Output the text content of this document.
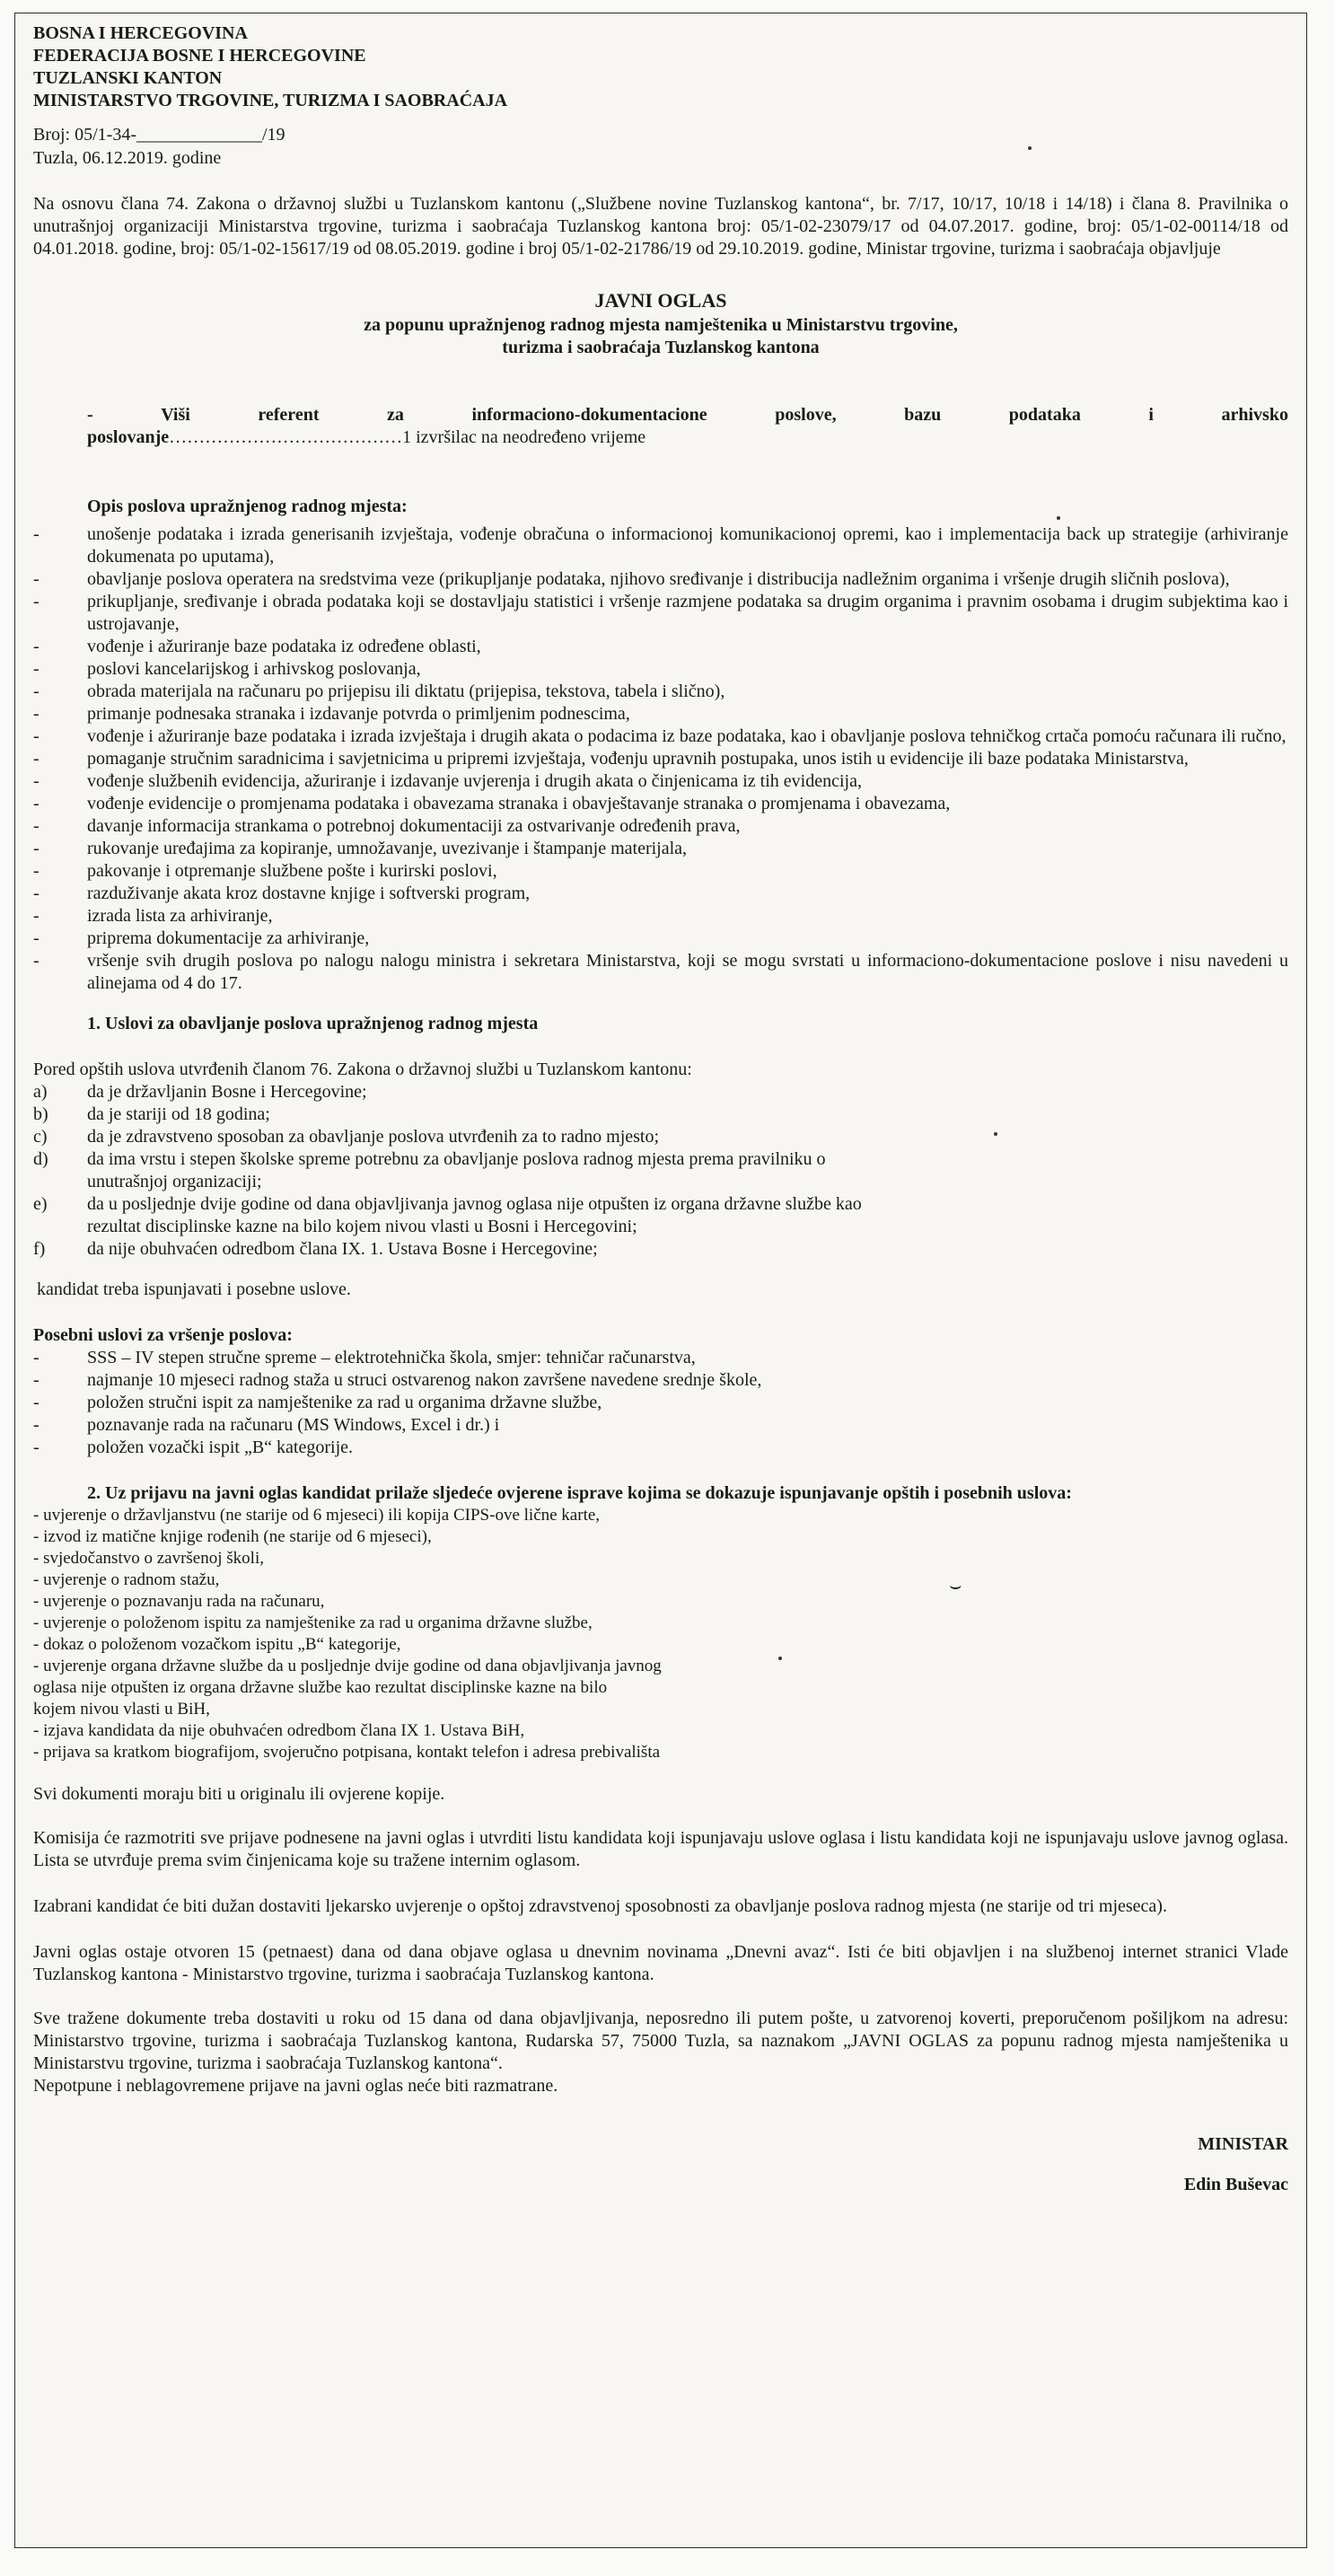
BOSNA I HERCEGOVINA
FEDERACIJA BOSNE I HERCEGOVINE
TUZLANSKI KANTON
MINISTARSTVO TRGOVINE, TURIZMA I SAOBRAĆAJA
Broj: 05/1-34-______________/19
Tuzla, 06.12.2019. godine
Na osnovu člana 74. Zakona o državnoj službi u Tuzlanskom kantonu („Službene novine Tuzlanskog kantona“, br. 7/17, 10/17, 10/18 i 14/18) i člana 8. Pravilnika o unutrašnjoj organizaciji Ministarstva trgovine, turizma i saobraćaja Tuzlanskog kantona broj: 05/1-02-23079/17 od 04.07.2017. godine, broj: 05/1-02-00114/18 od 04.01.2018. godine, broj: 05/1-02-15617/19 od 08.05.2019. godine i broj 05/1-02-21786/19 od 29.10.2019. godine, Ministar trgovine, turizma i saobraćaja objavljuje
JAVNI OGLAS
za popunu upražnjenog radnog mjesta namještenika u Ministarstvu trgovine,
turizma i saobraćaja Tuzlanskog kantona
-	Viši	referent	za	informaciono-dokumentacione	poslove,	bazu	podataka	i	arhivsko
poslovanje…………………………………1 izvršilac na neodređeno vrijeme
Opis poslova upražnjenog radnog mjesta:
- unošenje podataka i izrada generisanih izvještaja, vođenje obračuna o informacionoj komunikacionoj opremi, kao i implementacija back up strategije (arhiviranje dokumenata po uputama),
- obavljanje poslova operatera na sredstvima veze (prikupljanje podataka, njihovo sređivanje i distribucija nadležnim organima i vršenje drugih sličnih poslova),
- prikupljanje, sređivanje i obrada podataka koji se dostavljaju statistici i vršenje razmjene podataka sa drugim organima i pravnim osobama i drugim subjektima kao i ustrojavanje,
- vođenje i ažuriranje baze podataka iz određene oblasti,
- poslovi kancelarijskog i arhivskog poslovanja,
- obrada materijala na računaru po prijepisu ili diktatu (prijepisa, tekstova, tabela i slično),
- primanje podnesaka stranaka i izdavanje potvrda o primljenim podnescima,
- vođenje i ažuriranje baze podataka i izrada izvještaja i drugih akata o podacima iz baze podataka, kao i obavljanje poslova tehničkog crtača pomoću računara ili ručno,
- pomaganje stručnim saradnicima i savjetnicima u pripremi izvještaja, vođenju upravnih postupaka, unos istih u evidencije ili baze podataka Ministarstva,
- vođenje službenih evidencija, ažuriranje i izdavanje uvjerenja i drugih akata o činjenicama iz tih evidencija,
- vođenje evidencije o promjenama podataka i obavezama stranaka i obavještavanje stranaka o promjenama i obavezama,
- davanje informacija strankama o potrebnoj dokumentaciji za ostvarivanje određenih prava,
- rukovanje uređajima za kopiranje, umnožavanje, uvezivanje i štampanje materijala,
- pakovanje i otpremanje službene pošte i kurirski poslovi,
- razduživanje akata kroz dostavne knjige i softverski program,
- izrada lista za arhiviranje,
- priprema dokumentacije za arhiviranje,
- vršenje svih drugih poslova po nalogu nalogu ministra i sekretara Ministarstva, koji se mogu svrstati u informaciono-dokumentacione poslove i nisu navedeni u alinejama od 4 do 17.
1. Uslovi za obavljanje poslova upražnjenog radnog mjesta
Pored opštih uslova utvrđenih članom 76. Zakona o državnoj službi u Tuzlanskom kantonu:
a) da je državljanin Bosne i Hercegovine;
b) da je stariji od 18 godina;
c) da je zdravstveno sposoban za obavljanje poslova utvrđenih za to radno mjesto;
d) da ima vrstu i stepen školske spreme potrebnu za obavljanje poslova radnog mjesta prema pravilniku o unutrašnjoj organizaciji;
e) da u posljednje dvije godine od dana objavljivanja javnog oglasa nije otpušten iz organa državne službe kao rezultat disciplinske kazne na bilo kojem nivou vlasti u Bosni i Hercegovini;
f) da nije obuhvaćen odredbom člana IX. 1. Ustava Bosne i Hercegovine;
kandidat treba ispunjavati i posebne uslove.
Posebni uslovi za vršenje poslova:
- SSS – IV stepen stručne spreme – elektrotehnička škola, smjer: tehničar računarstva,
- najmanje 10 mjeseci radnog staža u struci ostvarenog nakon završene navedene srednje škole,
- položen stručni ispit za namještenike za rad u organima državne službe,
- poznavanje rada na računaru (MS Windows, Excel i dr.) i
- položen vozački ispit „B“ kategorije.
2. Uz prijavu na javni oglas kandidat prilaže sljedeće ovjerene isprave kojima se dokazuje ispunjavanje opštih i posebnih uslova:
- uvjerenje o državljanstvu (ne starije od 6 mjeseci) ili kopija CIPS-ove lične karte,
- izvod iz matične knjige rođenih (ne starije od 6 mjeseci),
- svjedočanstvo o završenoj školi,
- uvjerenje o radnom stažu,
- uvjerenje o poznavanju rada na računaru,
- uvjerenje o položenom ispitu za namještenike za rad u organima državne službe,
- dokaz o položenom vozačkom ispitu „B“ kategorije,
- uvjerenje organa državne službe da u posljednje dvije godine od dana objavljivanja javnog
oglasa nije otpušten iz organa državne službe kao rezultat disciplinske kazne na bilo
kojem nivou vlasti u BiH,
- izjava kandidata da nije obuhvaćen odredbom člana IX 1. Ustava BiH,
- prijava sa kratkom biografijom, svojeručno potpisana, kontakt telefon i adresa prebivališta
Svi dokumenti moraju biti u originalu ili ovjerene kopije.
Komisija će razmotriti sve prijave podnesene na javni oglas i utvrditi listu kandidata koji ispunjavaju uslove oglasa i listu kandidata koji ne ispunjavaju uslove javnog oglasa. Lista se utvrđuje prema svim činjenicama koje su tražene internim oglasom.
Izabrani kandidat će biti dužan dostaviti ljekarsko uvjerenje o opštoj zdravstvenoj sposobnosti za obavljanje poslova radnog mjesta (ne starije od tri mjeseca).
Javni oglas ostaje otvoren 15 (petnaest) dana od dana objave oglasa u dnevnim novinama „Dnevni avaz“. Isti će biti objavljen i na službenoj internet stranici Vlade Tuzlanskog kantona - Ministarstvo trgovine, turizma i saobraćaja Tuzlanskog kantona.
Sve tražene dokumente treba dostaviti u roku od 15 dana od dana objavljivanja, neposredno ili putem pošte, u zatvorenoj koverti, preporučenom pošiljkom na adresu: Ministarstvo trgovine, turizma i saobraćaja Tuzlanskog kantona, Rudarska 57, 75000 Tuzla, sa naznakom „JAVNI OGLAS za popunu radnog mjesta namještenika u Ministarstvu trgovine, turizma i saobraćaja Tuzlanskog kantona“.
Nepotpune i neblagovremene prijave na javni oglas neće biti razmatrane.
MINISTAR
Edin Buševac
⌣
